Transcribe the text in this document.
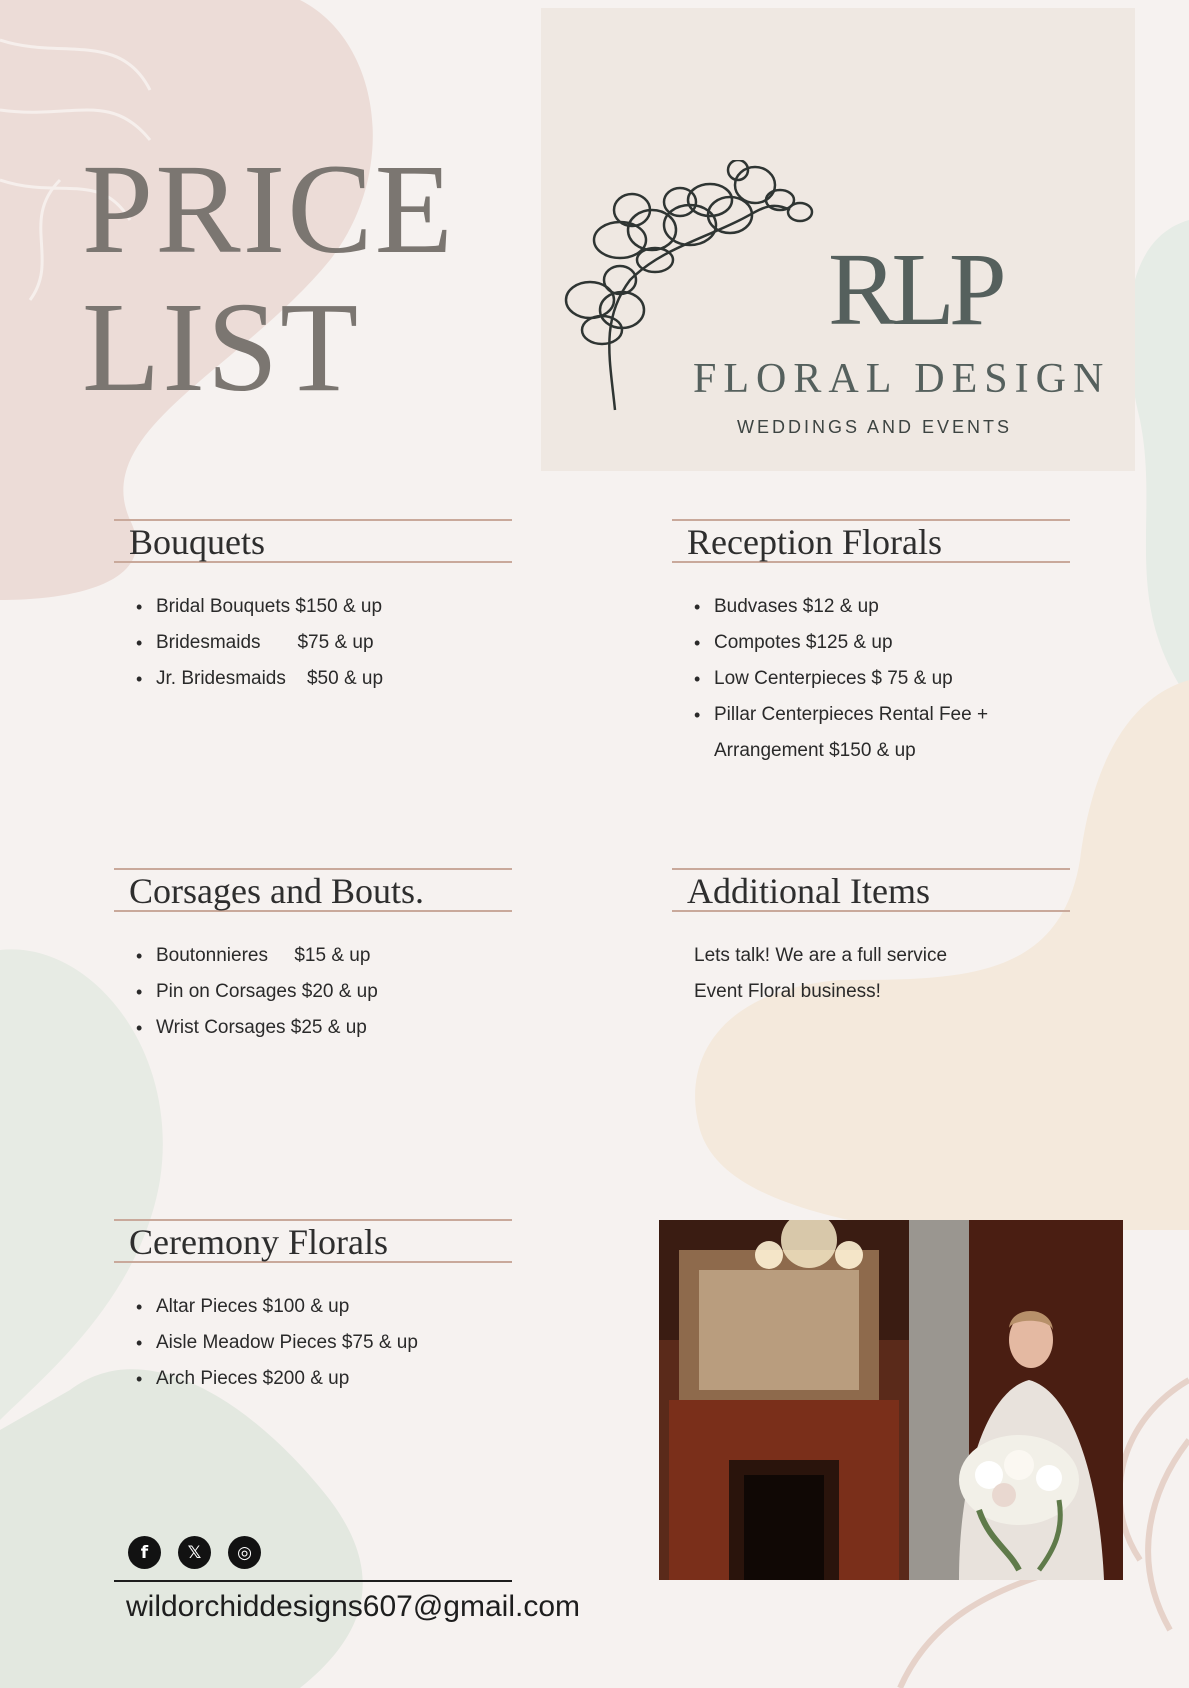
PRICE
LIST	RLP
FLORAL DESIGN
WEDDINGS AND EVENTS
Bouquets
• Bridal Bouquets $150 & up
• Bridesmaids       $75 & up
• Jr. Bridesmaids    $50 & up
Reception Florals
• Budvases $12 & up
• Compotes $125 & up
• Low Centerpieces $ 75 & up
• Pillar Centerpieces Rental Fee + Arrangement $150 & up
Corsages and Bouts.
• Boutonnieres     $15 & up
• Pin on Corsages $20 & up
• Wrist Corsages $25 & up
Additional Items
Lets talk! We are a full service
Event Floral business!
Ceremony Florals
• Altar Pieces $100 & up
• Aisle Meadow Pieces $75 & up
• Arch Pieces $200 & up
f	𝕏	◎
wildorchiddesigns607@gmail.com
